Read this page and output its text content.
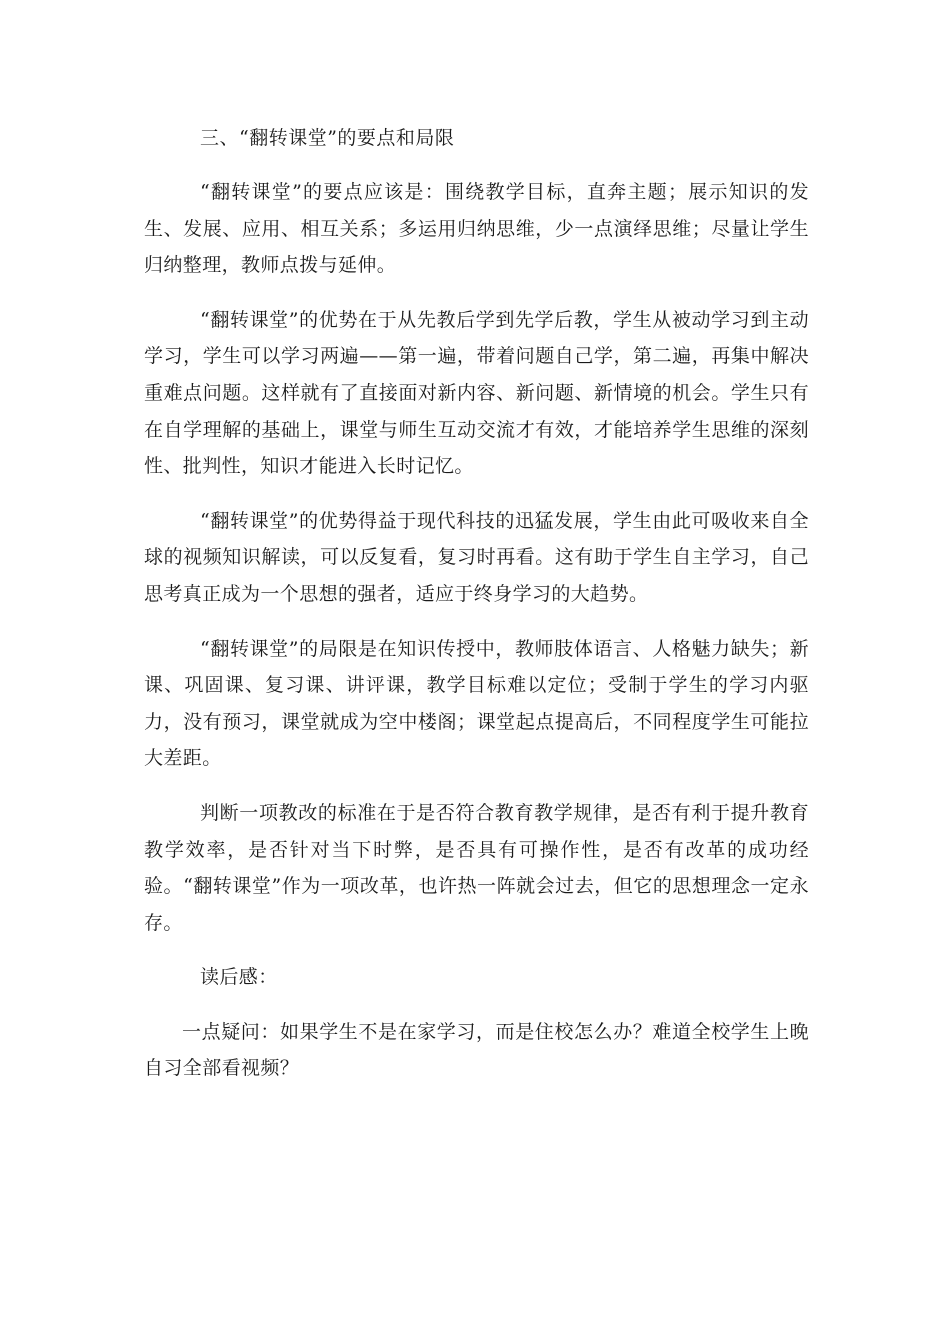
三、“翻转课堂”的要点和局限

“翻转课堂”的要点应该是：围绕教学目标，直奔主题；展示知识的发生、发展、应用、相互关系；多运用归纳思维，少一点演绎思维；尽量让学生归纳整理，教师点拨与延伸。

“翻转课堂”的优势在于从先教后学到先学后教，学生从被动学习到主动学习，学生可以学习两遍——第一遍，带着问题自己学，第二遍，再集中解决重难点问题。这样就有了直接面对新内容、新问题、新情境的机会。学生只有在自学理解的基础上，课堂与师生互动交流才有效，才能培养学生思维的深刻性、批判性，知识才能进入长时记忆。

“翻转课堂”的优势得益于现代科技的迅猛发展，学生由此可吸收来自全球的视频知识解读，可以反复看，复习时再看。这有助于学生自主学习，自己思考真正成为一个思想的强者，适应于终身学习的大趋势。

“翻转课堂”的局限是在知识传授中，教师肢体语言、人格魅力缺失；新课、巩固课、复习课、讲评课，教学目标难以定位；受制于学生的学习内驱力，没有预习，课堂就成为空中楼阁；课堂起点提高后，不同程度学生可能拉大差距。

判断一项教改的标准在于是否符合教育教学规律，是否有利于提升教育教学效率，是否针对当下时弊，是否具有可操作性，是否有改革的成功经验。“翻转课堂”作为一项改革，也许热一阵就会过去，但它的思想理念一定永存。

读后感：

一点疑问：如果学生不是在家学习，而是住校怎么办？难道全校学生上晚自习全部看视频？
